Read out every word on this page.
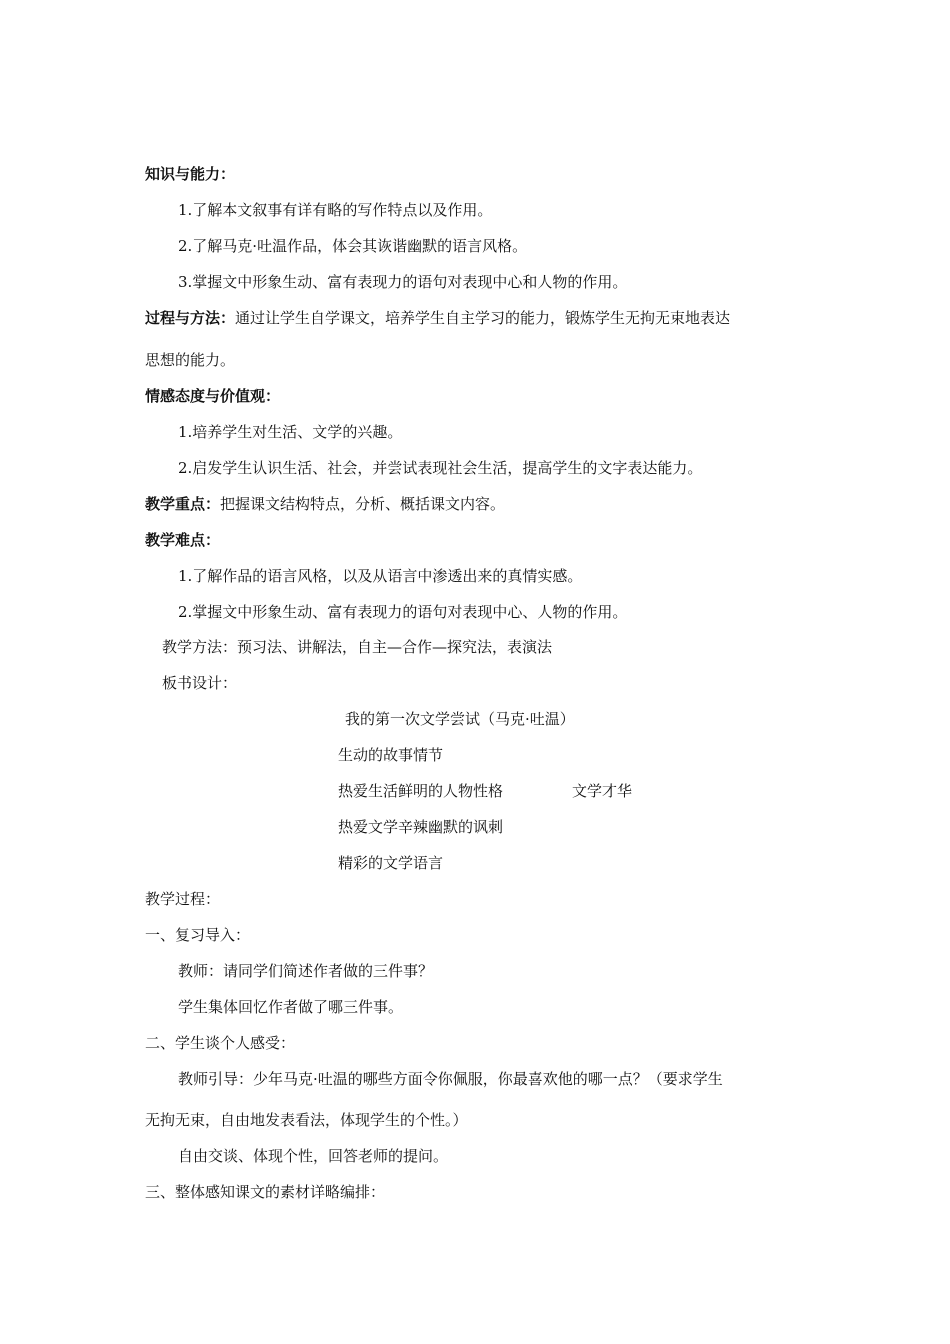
知识与能力：
1.了解本文叙事有详有略的写作特点以及作用。
2.了解马克·吐温作品，体会其诙谐幽默的语言风格。
3.掌握文中形象生动、富有表现力的语句对表现中心和人物的作用。
过程与方法：通过让学生自学课文，培养学生自主学习的能力，锻炼学生无拘无束地表达
思想的能力。
情感态度与价值观：
1.培养学生对生活、文学的兴趣。
2.启发学生认识生活、社会，并尝试表现社会生活，提高学生的文字表达能力。
教学重点：把握课文结构特点，分析、概括课文内容。
教学难点：
1.了解作品的语言风格，以及从语言中渗透出来的真情实感。
2.掌握文中形象生动、富有表现力的语句对表现中心、人物的作用。
教学方法：预习法、讲解法，自主—合作—探究法，表演法
板书设计：
我的第一次文学尝试（马克·吐温）
生动的故事情节
热爱生活鲜明的人物性格	文学才华
热爱文学辛辣幽默的讽刺
精彩的文学语言
教学过程：
一、复习导入：
教师：请同学们简述作者做的三件事？
学生集体回忆作者做了哪三件事。
二、学生谈个人感受：
教师引导：少年马克·吐温的哪些方面令你佩服，你最喜欢他的哪一点？（要求学生
无拘无束，自由地发表看法，体现学生的个性。）
自由交谈、体现个性，回答老师的提问。
三、整体感知课文的素材详略编排：
